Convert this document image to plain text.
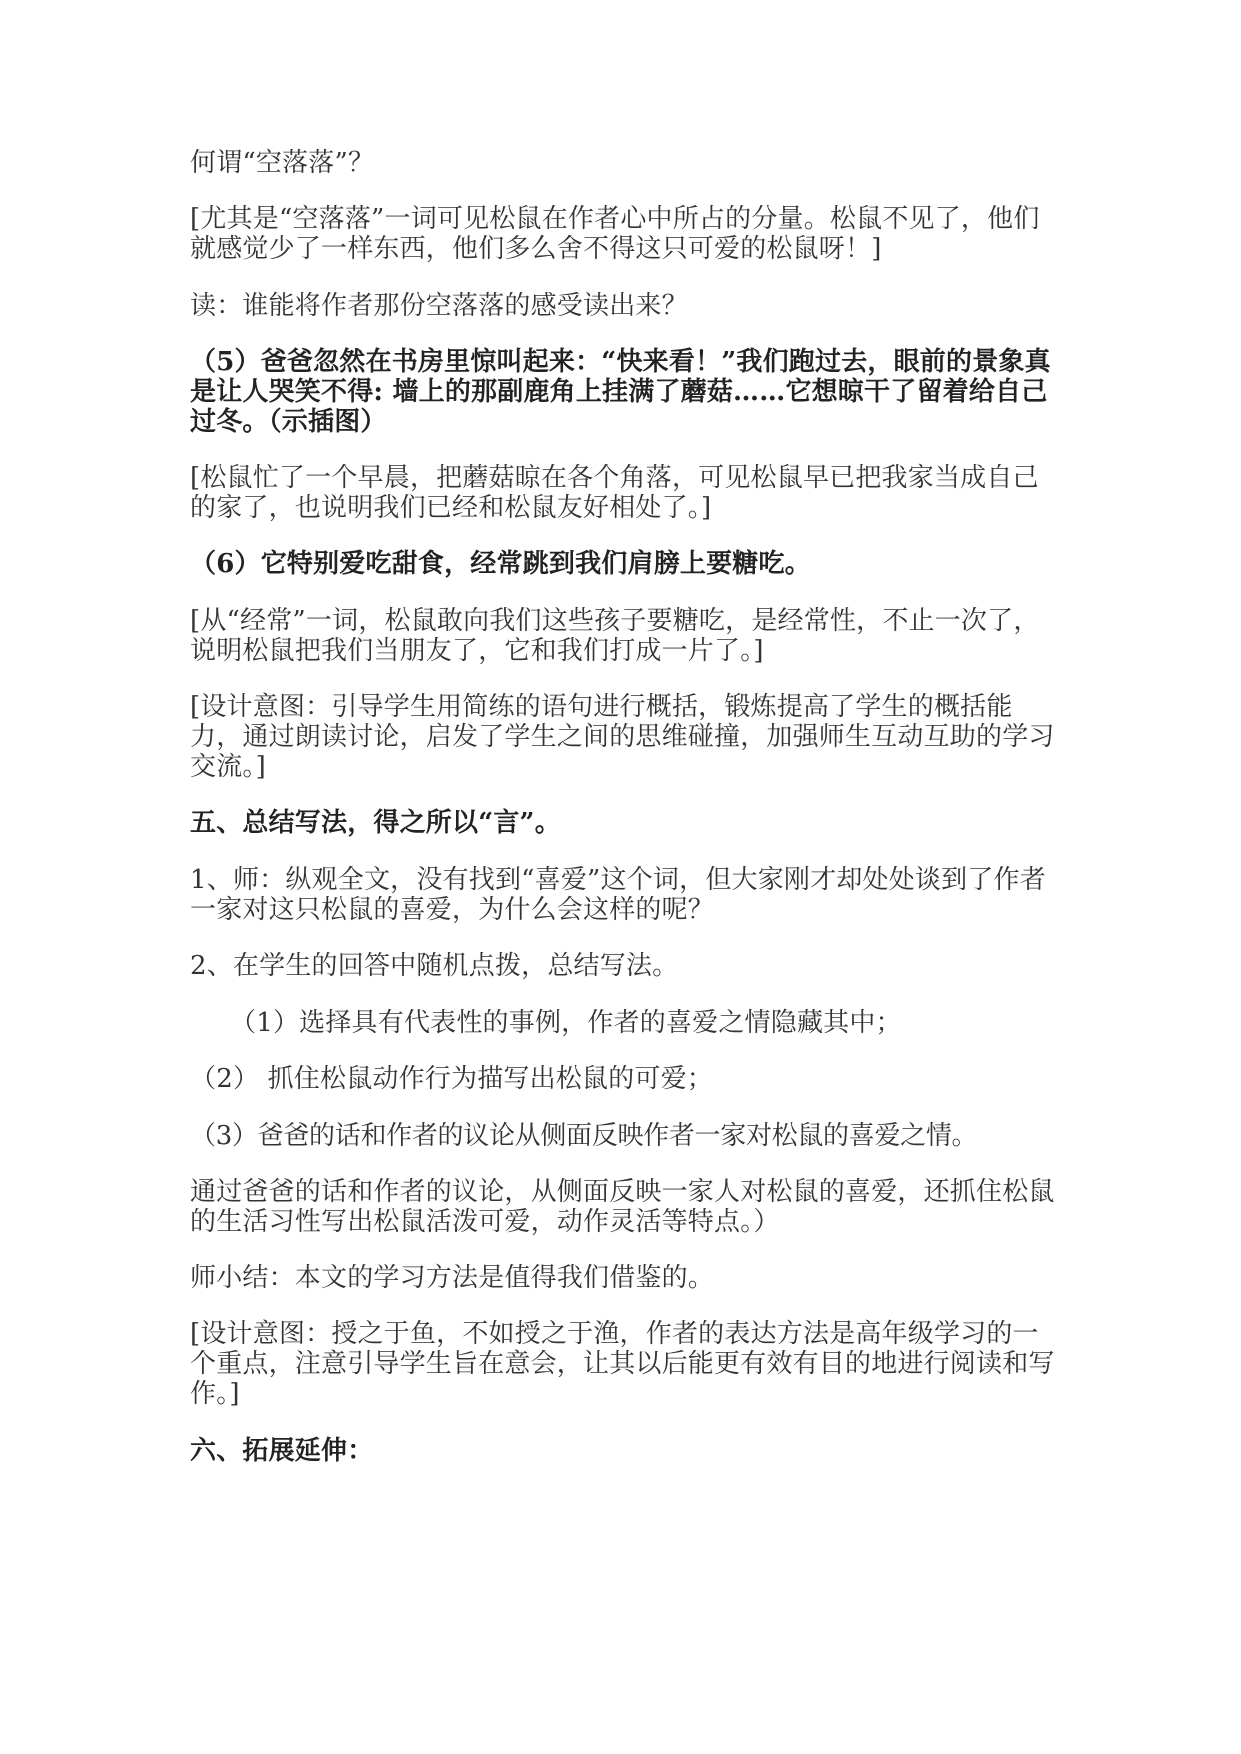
何谓“空落落”？

[尤其是“空落落”一词可见松鼠在作者心中所占的分量。松鼠不见了，他们就感觉少了一样东西，他们多么舍不得这只可爱的松鼠呀！]

读：谁能将作者那份空落落的感受读出来？

（5）爸爸忽然在书房里惊叫起来：“快来看！”我们跑过去，眼前的景象真是让人哭笑不得: 墙上的那副鹿角上挂满了蘑菇……它想晾干了留着给自己过冬。（示插图）

[松鼠忙了一个早晨，把蘑菇晾在各个角落，可见松鼠早已把我家当成自己的家了，也说明我们已经和松鼠友好相处了。]

（6）它特别爱吃甜食，经常跳到我们肩膀上要糖吃。

[从“经常”一词，松鼠敢向我们这些孩子要糖吃，是经常性，不止一次了，说明松鼠把我们当朋友了，它和我们打成一片了。]

[设计意图：引导学生用简练的语句进行概括，锻炼提高了学生的概括能力，通过朗读讨论，启发了学生之间的思维碰撞，加强师生互动互助的学习交流。]

五、总结写法，得之所以“言”。

1、师：纵观全文，没有找到“喜爱”这个词，但大家刚才却处处谈到了作者一家对这只松鼠的喜爱，为什么会这样的呢？

2、在学生的回答中随机点拨，总结写法。

（1）选择具有代表性的事例，作者的喜爱之情隐藏其中；

（2） 抓住松鼠动作行为描写出松鼠的可爱；

（3）爸爸的话和作者的议论从侧面反映作者一家对松鼠的喜爱之情。

通过爸爸的话和作者的议论，从侧面反映一家人对松鼠的喜爱，还抓住松鼠的生活习性写出松鼠活泼可爱，动作灵活等特点。）

师小结：本文的学习方法是值得我们借鉴的。

[设计意图：授之于鱼，不如授之于渔，作者的表达方法是高年级学习的一个重点，注意引导学生旨在意会，让其以后能更有效有目的地进行阅读和写作。]

六、拓展延伸：
